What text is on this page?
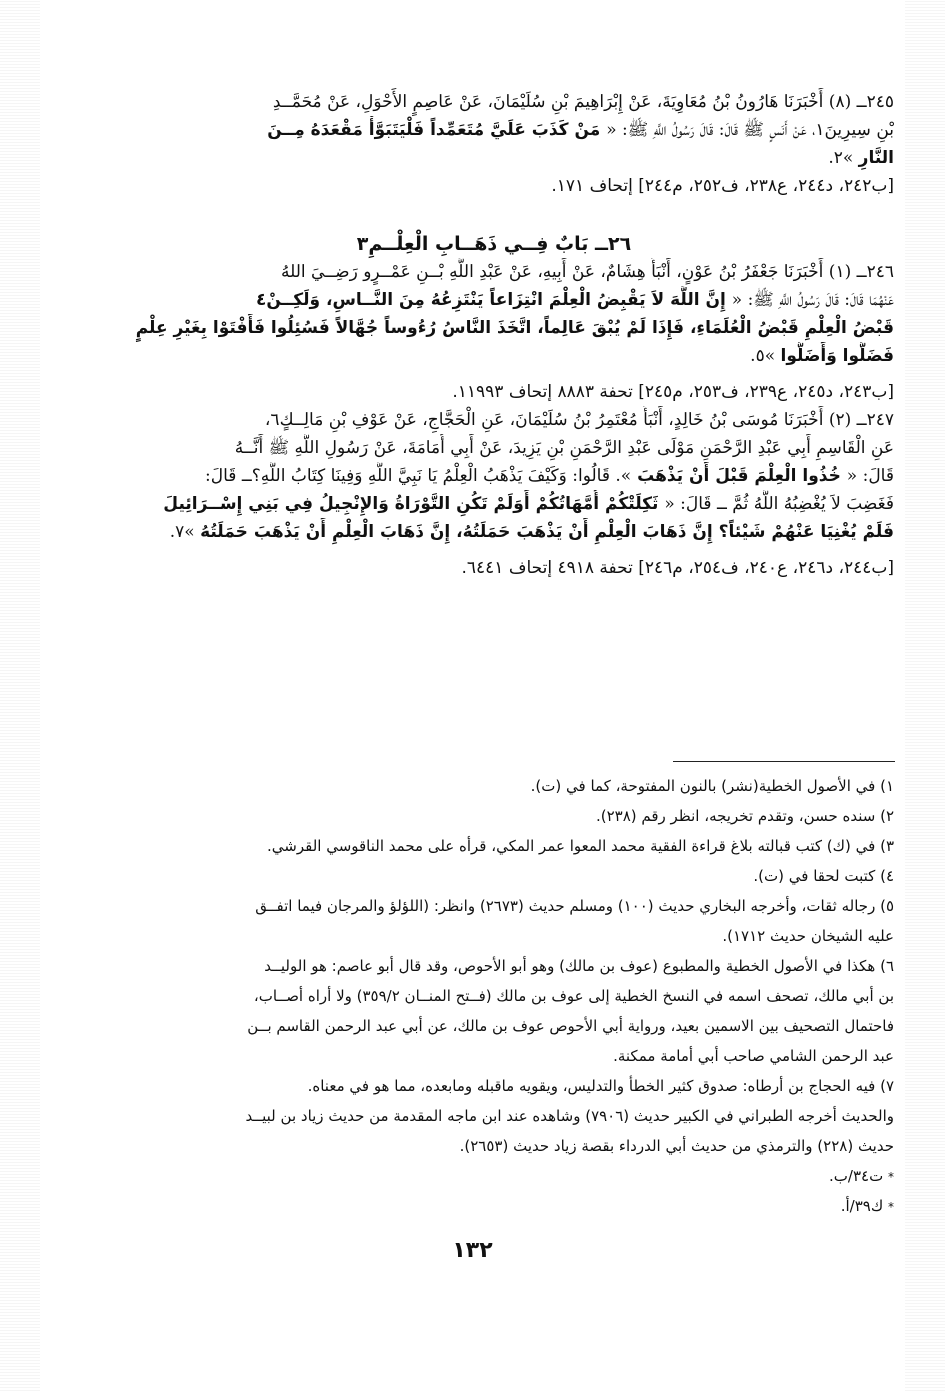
٢٤٥ــ (٨) أَخْبَرَنَا هَارُونُ بْنُ مُعَاوِيَةَ، عَنْ إِبْرَاهِيمَ بْنِ سُلَيْمَانَ، عَنْ عَاصِمٍ الأَحْوَلِ، عَنْ مُحَمَّــدِ
بْنِ سِيرِينَ١، عَنْ أَنَسٍ ﷺ قَالَ: قَالَ رَسُولُ اللَّهِ ﷺ: « مَنْ كَذَبَ عَلَيَّ مُتَعَمِّداً فَلْيَتَبَوَّأْ مَقْعَدَهُ مِــنَ
النَّارِ »٢.
[ب٢٤٢، د٢٤٤، ع٢٣٨، ف٢٥٢، م٢٤٤] إتحاف ١٧١.
٢٦ــ بَابٌ فِــي ذَهَــابِ الْعِلْــمِ٣
٢٤٦ــ (١) أَخْبَرَنَا جَعْفَرُ بْنُ عَوْنٍ، أَنْبَأَ هِشَامٌ، عَنْ أَبِيهِ، عَنْ عَبْدِ اللَّهِ بْــنِ عَمْــرٍو رَضِــيَ اللهُ
عَنْهُمَا قَالَ: قَالَ رَسُولُ اللَّهِ ﷺ: « إِنَّ اللَّهَ لاَ يَقْبِضُ الْعِلْمَ انْتِزَاعاً يَنْتَزِعُهُ مِنَ النَّــاسِ، وَلَكِــنْ٤
قَبْضُ الْعِلْمِ قَبْضُ الْعُلَمَاءِ، فَإِذَا لَمْ يُبْقَ عَالِماً، اتَّخَذَ النَّاسُ رُءُوساً جُهَّالاً فَسُئِلُوا فَأَفْتَوْا بِغَيْرِ عِلْمٍ
فَضَلُّوا وَأَضَلُّوا »٥.
[ب٢٤٣، د٢٤٥، ع٢٣٩، ف٢٥٣، م٢٤٥] تحفة ٨٨٨٣ إتحاف ١١٩٩٣.
٢٤٧ــ (٢) أَخْبَرَنَا مُوسَى بْنُ خَالِدٍ، أَنْبَأَ مُعْتَمِرُ بْنُ سُلَيْمَانَ، عَنِ الْحَجَّاجِ، عَنْ عَوْفِ بْنِ مَالِــكٍ٦،
عَنِ الْقَاسِمِ أَبِي عَبْدِ الرَّحْمَنِ مَوْلَى عَبْدِ الرَّحْمَنِ بْنِ يَزِيدَ، عَنْ أَبِي أُمَامَةَ، عَنْ رَسُولِ اللَّهِ ﷺ أَنَّــهُ
قَالَ: « خُذُوا الْعِلْمَ قَبْلَ أَنْ يَذْهَبَ ». قَالُوا: وَكَيْفَ يَذْهَبُ الْعِلْمُ يَا نَبِيَّ اللَّهِ وَفِينَا كِتَابُ اللَّهِ؟ــ قَالَ:
فَغَضِبَ لاَ يُغْضِبُهُ اللَّهُ ثُمَّ ــ قَالَ: « ثَكِلَتْكُمْ أُمَّهَاتُكُمْ أَوَلَمْ تَكُنِ التَّوْرَاةُ وَالإِنْجِيلُ فِي بَنِي إِسْــرَائِيلَ
فَلَمْ يُغْنِيَا عَنْهُمْ شَيْئاً؟ إِنَّ ذَهَابَ الْعِلْمِ أَنْ يَذْهَبَ حَمَلَتُهُ، إِنَّ ذَهَابَ الْعِلْمِ أَنْ يَذْهَبَ حَمَلَتُهُ »٧.
[ب٢٤٤، د٢٤٦، ع٢٤٠، ف٢٥٤، م٢٤٦] تحفة ٤٩١٨ إتحاف ٦٤٤١.
١) في الأصول الخطية(نشر) بالنون المفتوحة، كما في (ت).
٢) سنده حسن، وتقدم تخريجه، انظر رقم (٢٣٨).
٣) في (ك) كتب قبالته بلاغ قراءة الفقية محمد المعوا عمر المكي، قرأه على محمد الناقوسي القرشي.
٤) كتبت لحقا في (ت).
٥) رجاله ثقات، وأخرجه البخاري حديث (١٠٠) ومسلم حديث (٢٦٧٣) وانظر: (اللؤلؤ والمرجان فيما اتفــق
عليه الشيخان حديث ١٧١٢).
٦) هكذا في الأصول الخطية والمطبوع (عوف بن مالك) وهو أبو الأحوص، وقد قال أبو عاصم: هو الوليــد
بن أبي مالك، تصحف اسمه في النسخ الخطية إلى عوف بن مالك (فــتح المنــان ٣٥٩/٢) ولا أراه أصــاب،
فاحتمال التصحيف بين الاسمين بعيد، ورواية أبي الأحوص عوف بن مالك، عن أبي عبد الرحمن القاسم بــن
عبد الرحمن الشامي صاحب أبي أمامة ممكنة.
٧) فيه الحجاج بن أرطاه: صدوق كثير الخطأ والتدليس، ويقويه ماقبله ومابعده، مما هو في معناه.
والحديث أخرجه الطبراني في الكبير حديث (٧٩٠٦) وشاهده عند ابن ماجه المقدمة من حديث زياد بن لبيــد
حديث (٢٢٨) والترمذي من حديث أبي الدرداء بقصة زياد حديث (٢٦٥٣).
* ت٣٤/ب.
* ك٣٩/أ.
١٣٢
